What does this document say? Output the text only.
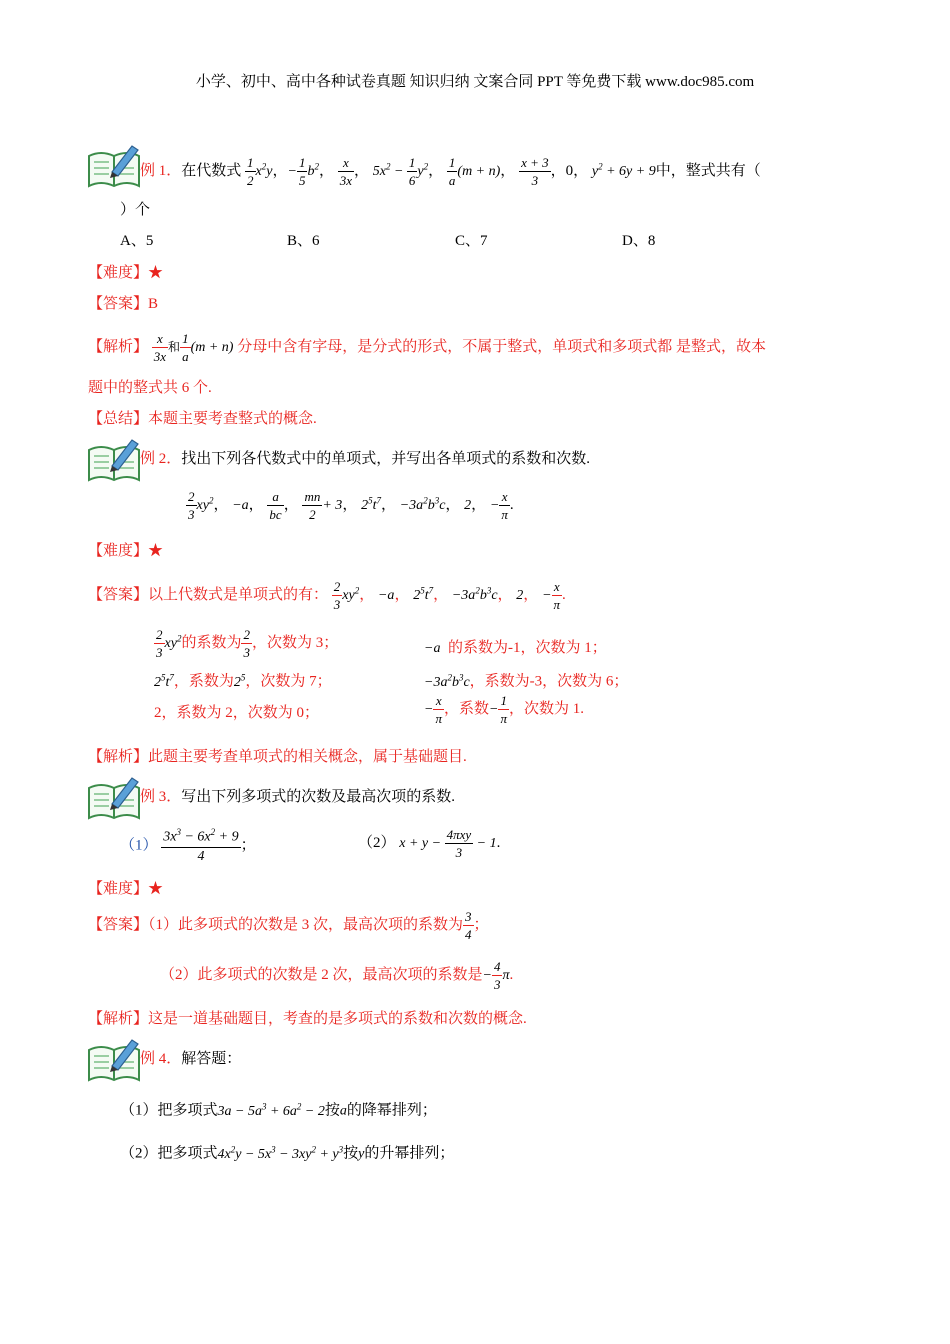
小学、初中、高中各种试卷真题 知识归纳 文案合同 PPT 等免费下载 www.doc985.com
例 1．在代数式 $\frac{1}{2} x^2y$，− $\frac{1}{5} b^2$， $\frac{x}{3x}$ ， $5x^2 - \frac{1}{6} y^2$， $\frac{1}{a} (m + n)$， $\frac{x + 3}{3}$ ，0， $y^2 + 6y + 9$中，整式共有（
）个
A、5	B、6	C、7	D、8
【难度】★
【答案】B
【解析】 $\frac{x}{3x}$ 和 $\frac{1}{a} (m + n)$ 分母中含有字母，是分式的形式，不属于整式，单项式和多项式都 是整式，故本
题中的整式共 6 个.
【总结】本题主要考查整式的概念.
例 2．找出下列各代数式中的单项式，并写出各单项式的系数和次数.
$\frac{2}{3} xy^2$， −a， $\frac{a}{bc}$ ， $\frac{mn}{2} + 3$， $2^5t^7$， $-3a^2b^3c$， 2， − $\frac{x}{\pi}$ .
【难度】★
【答案】以上代数式是单项式的有： $\frac{2}{3} xy^2$， −a， $2^5t^7$， $-3a^2b^3c$， 2， − $\frac{x}{\pi}$ .
$\frac{2}{3} xy^2$的系数为 $\frac{2}{3}$ ，次数为 3；	−a 的系数为-1，次数为 1；
$2^5t^7$，系数为$2^5$，次数为 7；	$-3a^2b^3c$，系数为-3，次数为 6；
2，系数为 2，次数为 0；	− $\frac{x}{\pi}$ ，系数− $\frac{1}{\pi}$ ，次数为 1.
【解析】此题主要考查单项式的相关概念，属于基础题目.
例 3．写出下列多项式的次数及最高次项的系数.
$(1) \frac{3x^3 - 6x^2 + 9}{4}$ ；	（2） $x + y - \frac{\text{4πxy}}{3} - 1$.
【难度】★
【答案】（1）此多项式的次数是 3 次，最高次项的系数为 $\frac{3}{4}$ ；
（2）此多项式的次数是 2 次，最高次项的系数是− $\frac{4}{3} \pi$.
【解析】这是一道基础题目，考查的是多项式的系数和次数的概念.
例 4．解答题：
（1）把多项式$3a - 5a^3 + 6a^2 - 2$按a的降幂排列；
（2）把多项式$4x^2y - 5x^3 - 3xy^2 + y^3$按y的升幂排列；
